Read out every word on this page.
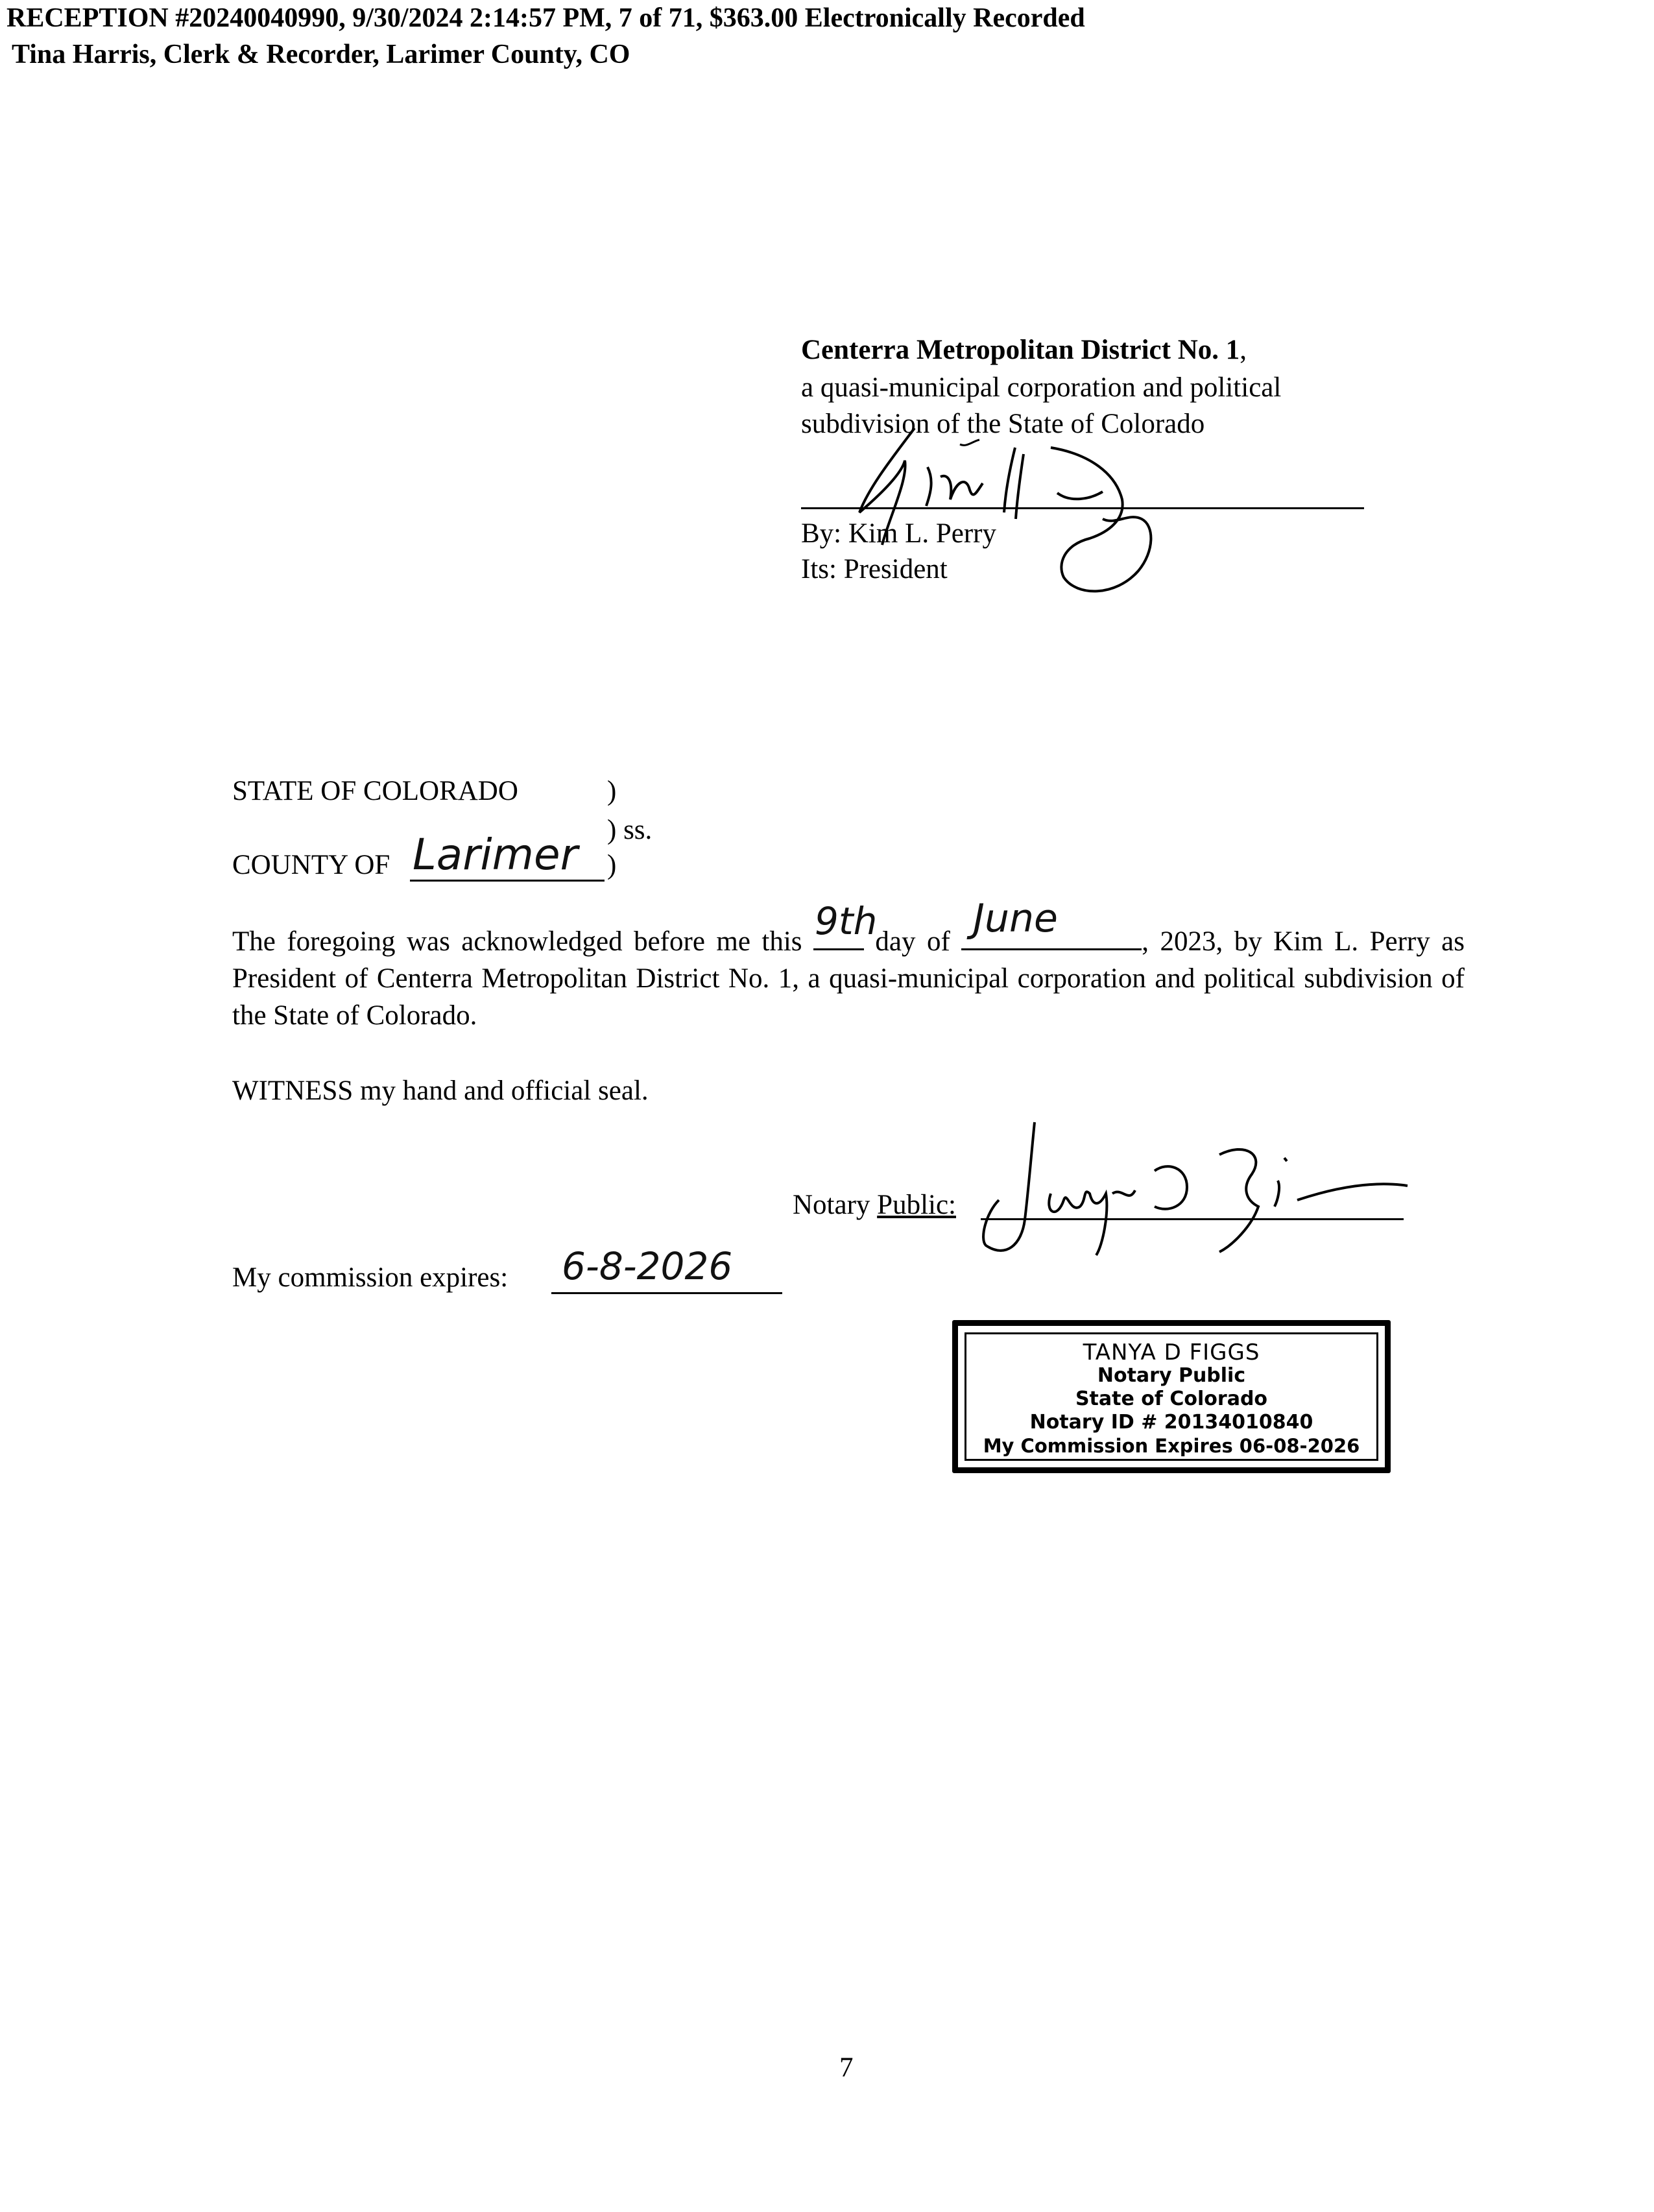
RECEPTION #20240040990, 9/30/2024 2:14:57 PM, 7 of 71, $363.00 Electronically Recorded
Tina Harris, Clerk & Recorder, Larimer County, CO
Centerra Metropolitan District No. 1,
a quasi-municipal corporation and political
subdivision of the State of Colorado
By: Kim L. Perry
Its: President
STATE OF COLORADO	)
) ss.
COUNTY OF Larimer )
The foregoing was acknowledged before me this 9th
day of
June
, 2023, by Kim L. Perry as President of Centerra Metropolitan District No. 1, a quasi-municipal corporation and political subdivision of the State of Colorado.
WITNESS my hand and official seal.
Notary Public:
My commission expires: 6-8-2026
TANYA D FIGGS
Notary Public
State of Colorado
Notary ID # 20134010840
My Commission Expires 06-08-2026
7
